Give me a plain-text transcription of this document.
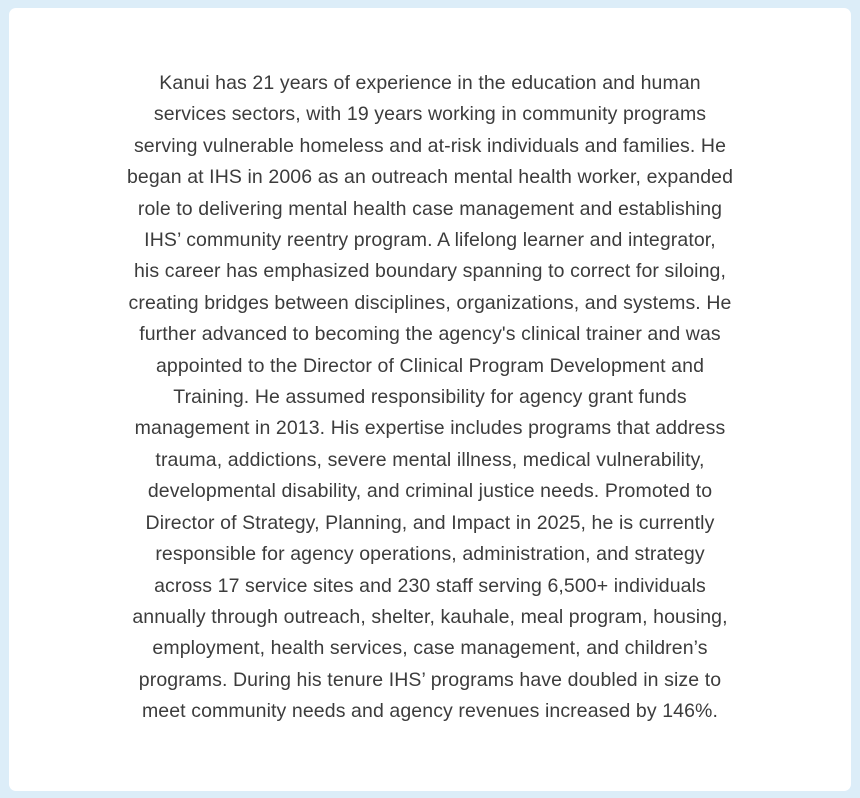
Kanui has 21 years of experience in the education and human
services sectors, with 19 years working in community programs
serving vulnerable homeless and at-risk individuals and families. He
began at IHS in 2006 as an outreach mental health worker, expanded
role to delivering mental health case management and establishing
IHS’ community reentry program. A lifelong learner and integrator,
his career has emphasized boundary spanning to correct for siloing,
creating bridges between disciplines, organizations, and systems. He
further advanced to becoming the agency's clinical trainer and was
appointed to the Director of Clinical Program Development and
Training. He assumed responsibility for agency grant funds
management in 2013. His expertise includes programs that address
trauma, addictions, severe mental illness, medical vulnerability,
developmental disability, and criminal justice needs. Promoted to
Director of Strategy, Planning, and Impact in 2025, he is currently
responsible for agency operations, administration, and strategy
across 17 service sites and 230 staff serving 6,500+ individuals
annually through outreach, shelter, kauhale, meal program, housing,
employment, health services, case management, and children’s
programs. During his tenure IHS’ programs have doubled in size to
meet community needs and agency revenues increased by 146%.
